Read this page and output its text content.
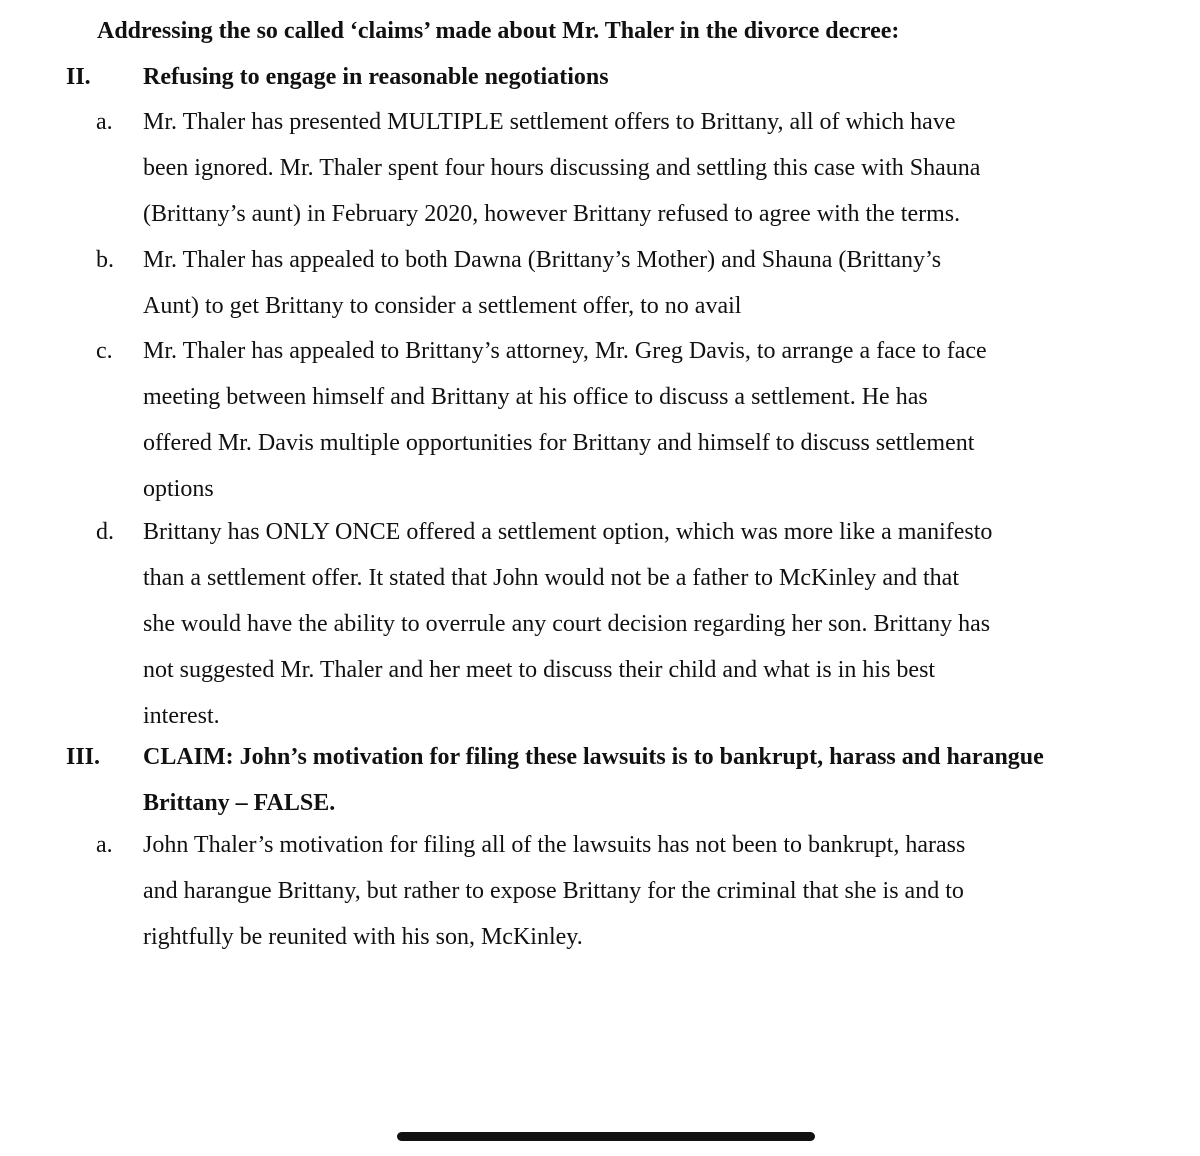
Addressing the so called ‘claims’ made about Mr. Thaler in the divorce decree:
II. Refusing to engage in reasonable negotiations
a. Mr. Thaler has presented MULTIPLE settlement offers to Brittany, all of which have
been ignored. Mr. Thaler spent four hours discussing and settling this case with Shauna
(Brittany’s aunt) in February 2020, however Brittany refused to agree with the terms.
b. Mr. Thaler has appealed to both Dawna (Brittany’s Mother) and Shauna (Brittany’s
Aunt) to get Brittany to consider a settlement offer, to no avail
c. Mr. Thaler has appealed to Brittany’s attorney, Mr. Greg Davis, to arrange a face to face
meeting between himself and Brittany at his office to discuss a settlement. He has
offered Mr. Davis multiple opportunities for Brittany and himself to discuss settlement
options
d. Brittany has ONLY ONCE offered a settlement option, which was more like a manifesto
than a settlement offer. It stated that John would not be a father to McKinley and that
she would have the ability to overrule any court decision regarding her son. Brittany has
not suggested Mr. Thaler and her meet to discuss their child and what is in his best
interest.
III. CLAIM: John’s motivation for filing these lawsuits is to bankrupt, harass and harangue
Brittany – FALSE.
a. John Thaler’s motivation for filing all of the lawsuits has not been to bankrupt, harass
and harangue Brittany, but rather to expose Brittany for the criminal that she is and to
rightfully be reunited with his son, McKinley.
